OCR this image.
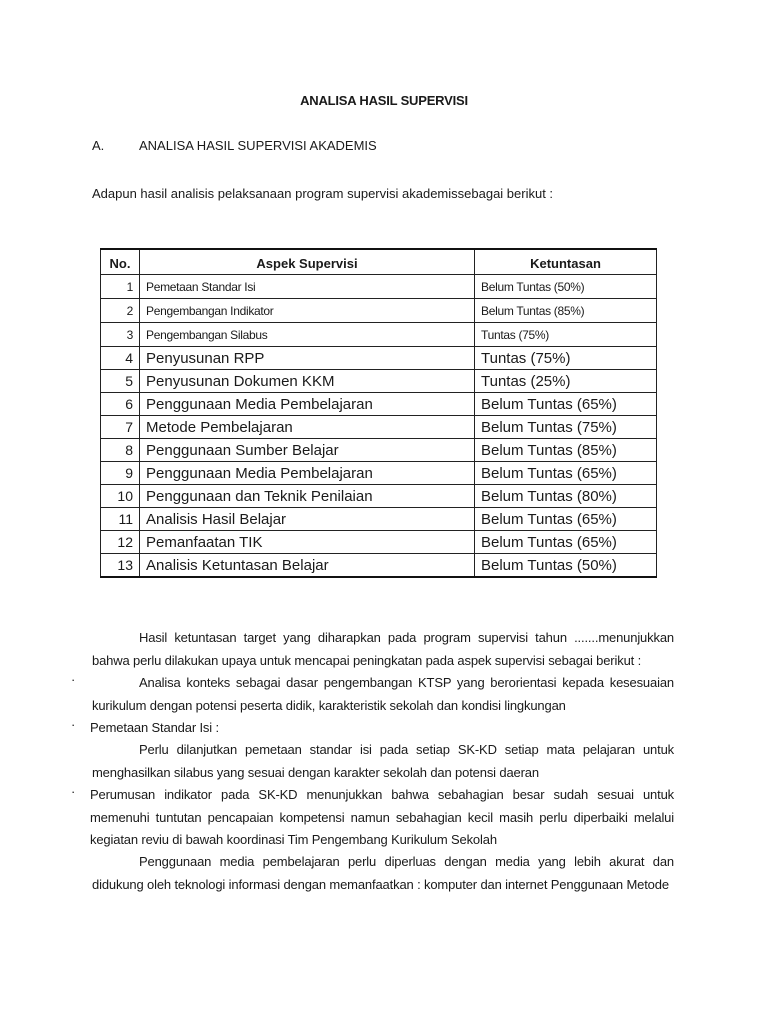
ANALISA HASIL SUPERVISI
A.	ANALISA HASIL SUPERVISI AKADEMIS
Adapun hasil analisis pelaksanaan program supervisi akademissebagai berikut :
No.	Aspek Supervisi	Ketuntasan
1	Pemetaan Standar Isi	Belum Tuntas (50%)
2	Pengembangan Indikator	Belum Tuntas (85%)
3	Pengembangan Silabus	Tuntas (75%)
4	Penyusunan RPP	Tuntas (75%)
5	Penyusunan Dokumen KKM	Tuntas (25%)
6	Penggunaan Media Pembelajaran	Belum Tuntas (65%)
7	Metode Pembelajaran	Belum Tuntas (75%)
8	Penggunaan Sumber Belajar	Belum Tuntas (85%)
9	Penggunaan Media Pembelajaran	Belum Tuntas (65%)
10	Penggunaan dan Teknik Penilaian	Belum Tuntas (80%)
11	Analisis Hasil Belajar	Belum Tuntas (65%)
12	Pemanfaatan TIK	Belum Tuntas (65%)
13	Analisis Ketuntasan Belajar	Belum Tuntas (50%)
Hasil ketuntasan target yang diharapkan pada program supervisi tahun .......menunjukkan bahwa perlu dilakukan upaya untuk mencapai peningkatan pada aspek supervisi sebagai berikut :
·	Analisa konteks sebagai dasar pengembangan KTSP yang berorientasi kepada kesesuaian kurikulum dengan potensi peserta didik, karakteristik sekolah dan kondisi lingkungan
· Pemetaan Standar Isi :
Perlu dilanjutkan pemetaan standar isi pada setiap SK-KD setiap mata pelajaran untuk menghasilkan silabus yang sesuai dengan karakter sekolah dan potensi daeran
· Perumusan indikator pada SK-KD menunjukkan bahwa sebahagian besar sudah sesuai untuk memenuhi tuntutan pencapaian kompetensi namun sebahagian kecil masih perlu diperbaiki melalui kegiatan reviu di bawah koordinasi Tim Pengembang Kurikulum Sekolah
Penggunaan media pembelajaran perlu diperluas dengan media yang lebih akurat dan didukung oleh teknologi informasi dengan memanfaatkan : komputer dan internet Penggunaan Metode
